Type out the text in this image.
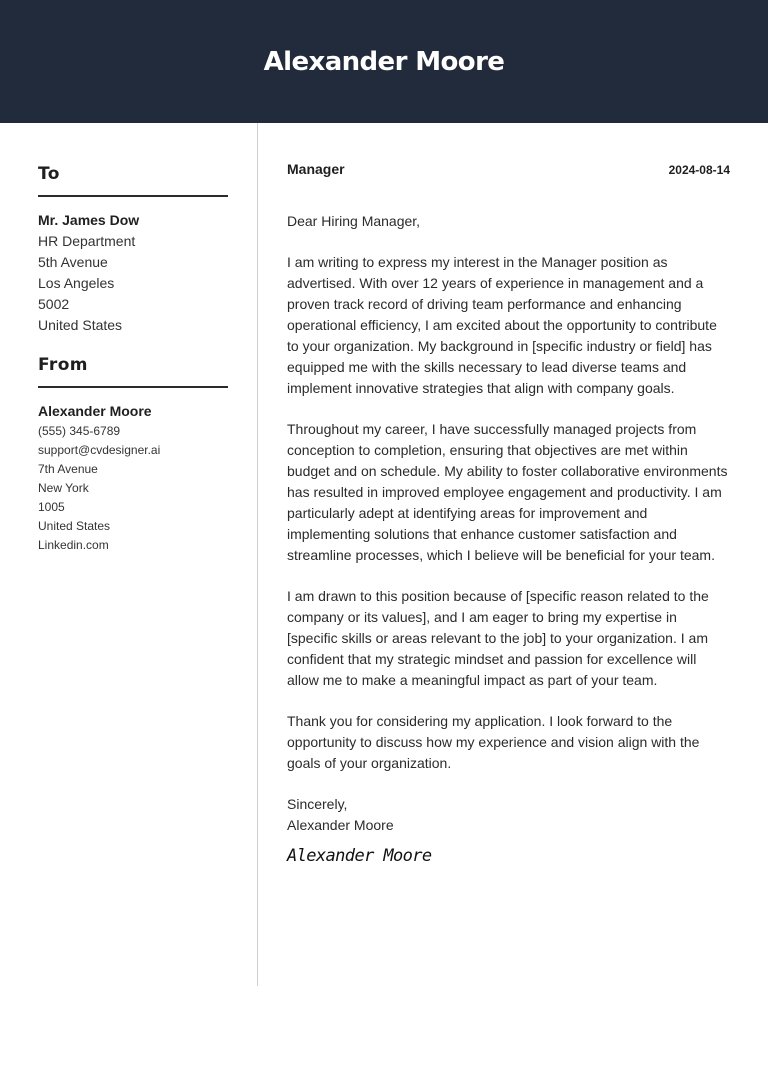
Alexander Moore
To
Mr. James Dow
HR Department
5th Avenue
Los Angeles
5002
United States
From
Alexander Moore
(555) 345-6789
support@cvdesigner.ai
7th Avenue
New York
1005
United States
Linkedin.com
Manager	2024-08-14

Dear Hiring Manager,

I am writing to express my interest in the Manager position as advertised. With over 12 years of experience in management and a proven track record of driving team performance and enhancing operational efficiency, I am excited about the opportunity to contribute to your organization. My background in [specific industry or field] has equipped me with the skills necessary to lead diverse teams and implement innovative strategies that align with company goals.

Throughout my career, I have successfully managed projects from conception to completion, ensuring that objectives are met within budget and on schedule. My ability to foster collaborative environments has resulted in improved employee engagement and productivity. I am particularly adept at identifying areas for improvement and implementing solutions that enhance customer satisfaction and streamline processes, which I believe will be beneficial for your team.

I am drawn to this position because of [specific reason related to the company or its values], and I am eager to bring my expertise in [specific skills or areas relevant to the job] to your organization. I am confident that my strategic mindset and passion for excellence will allow me to make a meaningful impact as part of your team.

Thank you for considering my application. I look forward to the opportunity to discuss how my experience and vision align with the goals of your organization.

Sincerely,
Alexander Moore
Alexander Moore
